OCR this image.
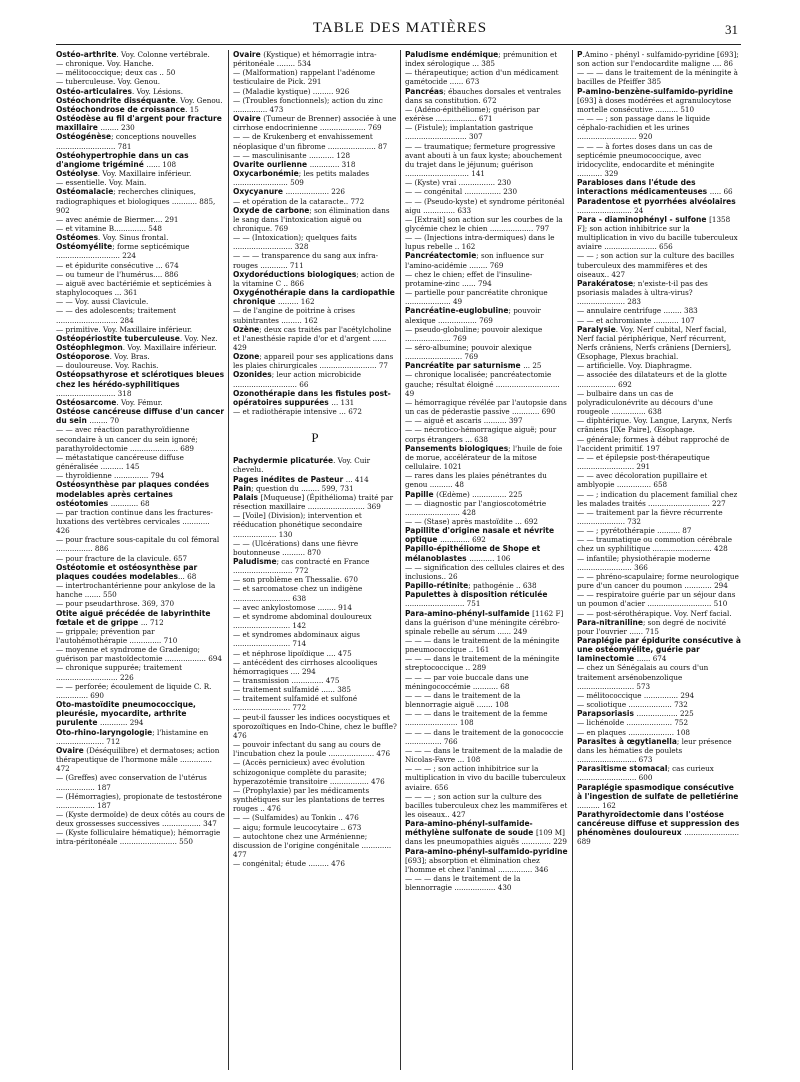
TABLE DES MATIÈRES	31

Ostéo-arthrite. Voy. Colonne vertébrale.

— chronique. Voy. Hanche.

— mélitococcique; deux cas .. 50

— tuberculeuse. Voy. Genou.

Ostéo-articulaires. Voy. Lésions.

Ostéochondrite disséquante. Voy. Genou.

Ostéochondrose de croissance. 15

Ostéodèse au fil d'argent pour fracture maxillaire ........ 230

Ostéogénèse; conceptions nouvelles .......................... 781

Ostéohypertrophie dans un cas d'angiome trigéminé ...... 108

Ostéolyse. Voy. Maxillaire inférieur.

— essentielle. Voy. Main.

Ostéomalacie; recherches cliniques, radiographiques et biologiques ........... 885, 902

— avec anémie de Biermer.... 291

— et vitamine B.............. 548

Ostéomes. Voy. Sinus frontal.

Ostéomyélite; forme septicémique ............................ 224

— et épidurite consécutive ... 674

— ou tumeur de l'humérus.... 886

— aiguë avec bactériémie et septicémies à staphylocoques ... 361

— — Voy. aussi Clavicule.

— — des adolescents; traitement ........................... 284

— primitive. Voy. Maxillaire inférieur.

Ostéopériostite tuberculeuse. Voy. Nez.

Ostéophlegmon. Voy. Maxillaire inférieur.

Ostéoporose. Voy. Bras.

— douloureuse. Voy. Rachis.

Ostéopsathyrose et sclérotiques bleues chez les hérédo-syphilitiques .......................... 318

Ostéosarcome. Voy. Fémur.

Ostéose cancéreuse diffuse d'un cancer du sein ........ 70

— — avec réaction parathyroïdienne secondaire à un cancer du sein ignoré; parathyroïdectomie ..................... 689

— métastatique cancéreuse diffuse généralisée .......... 145

— thyroïdienne ............... 794

Ostéosynthèse par plaques condées modelables après certaines ostéotomies ............ 68

— par traction continue dans les fractures-luxations des vertèbres cervicales ............ 426

— pour fracture sous-capitale du col fémoral ................ 886

— pour fracture de la clavicule. 657

Ostéotomie et ostéosynthèse par plaques coudées modelables... 68

— intertrochantérienne pour ankylose de la hanche ....... 550

— pour pseudarthrose. 369, 370

Otite aiguë précédée de labyrinthite fœtale et de grippe ... 712

— grippale; prévention par l'autohémothérapie .............. 710

— moyenne et syndrome de Gradenigo; guérison par mastoïdectomie .................. 694

— chronique suppurée; traitement ........................... 226

— — perforée; écoulement de liquide C. R. .............. 690

Oto-mastoïdite pneumococcique, pleurésie, myocardite, arthrite purulente ............ 294

Oto-rhino-laryngologie; l'histamine en ..................... 712

Ovaire (Déséquilibre) et dermatoses; action thérapeutique de l'hormone mâle .............. 472

— (Greffes) avec conservation de l'utérus ................. 187

— (Hémorragies), propionate de testostérone ................. 187

— (Kyste dermoïde) de deux côtés au cours de deux grossesses successives ................. 347

— (Kyste folliculaire hématique); hémorragie intra-péritonéale ......................... 550

Ovaire (Kystique) et hémorragie intra-péritonéale ........ 534

— (Malformation) rappelant l'adénome testiculaire de Pick. 291

— (Maladie kystique) ......... 926

— (Troubles fonctionnels); action du zinc ............... 473

Ovaire (Tumeur de Brenner) associée à une cirrhose endocrinienne .................... 769

— — de Krukenberg et envahissement néoplasique d'un fibrome ..................... 87

— — masculinisante ........... 128

Ovarite ourlienne ............. 318

Oxycarbonémie; les petits malades ........................ 509

Oxycyanure ................... 226

— et opération de la cataracte.. 772

Oxyde de carbone; son élimination dans le sang dans l'intoxication aiguë ou chronique. 769

— — (Intoxication); quelques faits .......................... 328

— — — transparence du sang aux infra-rouges ............ 711

Oxydoréductions biologiques; action de la vitamine C .. 866

Oxygénothérapie dans la cardiopathie chronique ......... 162

— de l'angine de poitrine à crises subintrantes ......... 162

Ozène; deux cas traités par l'acétylcholine et l'anesthésie rapide d'or et d'argent ...... 429

Ozone; appareil pour ses applications dans les plaies chirurgicales ......................... 77

Ozonides; leur action microbicide ............................ 66

Ozonothérapie dans les fistules post-opératoires suppurées ... 131

— et radiothérapie intensive ... 672

P

Pachydermie plicaturée. Voy. Cuir chevelu.

Pages inédites de Pasteur ... 414

Pain; question du ........ 599, 731

Palais [Muqueuse] (Épithélioma) traité par résection maxillaire ......................... 369

— [Voile] (Division); intervention et rééducation phonétique secondaire ................... 130

— — (Ulcérations) dans une fièvre boutonneuse .......... 870

Paludisme; cas contracté en France .......................... 772

— son problème en Thessalie. 670

— et sarcomatose chez un indigène ......................... 638

— avec ankylostomose ........ 914

— et syndrome abdominal douloureux ......................... 142

— et syndromes abdominaux aigus ......................... 714

— et néphrose lipoïdique .... 475

— antécédent des cirrhoses alcooliques hémorragiques .... 294

— transmission .............. 475

— traitement sulfamidé ...... 385

— traitement sulfamidé et sulfoné ......................... 772

— peut-il fausser les indices oocystiques et sporozoïtiques en Indo-Chine, chez le buffle? 476

— pouvoir infectant du sang au cours de l'incubation chez la poule .................... 476

— (Accès pernicieux) avec évolution schizogonique complète du parasite; hyperazotémie transitoire ................. 476

— (Prophylaxie) par les médicaments synthétiques sur les plantations de terres rouges .. 476

— — (Sulfamides) au Tonkin .. 476

— aigu; formule leucocytaire .. 673

— autochtone chez une Arménienne; discussion de l'origine congénitale ............. 477

— congénital; étude ......... 476

Paludisme endémique; prémunition et index sérologique ... 385

— thérapeutique; action d'un médicament gamétocide ...... 673

Pancréas; ébauches dorsales et ventrales dans sa constitution. 672

— (Adéno-épithéliome); guérison par exérèse .................. 671

— (Fistule); implantation gastrique ........................... 307

— — traumatique; fermeture progressive avant abouti à un faux kyste; abouchement du trajet dans le jéjunum; guérison ............................ 141

— (Kyste) vrai ................ 230

— — congénital ................ 230

— — (Pseudo-kyste) et syndrome péritonéal aigu .............. 633

— [Extrait] son action sur les courbes de la glycémie chez le chien ................... 797

— — (Injections intra-dermiques) dans le lupus rebelle .. 162

Pancréatectomie; son influence sur l'amino-acidémie ........ 769

— chez le chien; effet de l'insuline-protamine-zinc ...... 794

— partielle pour pancréatite chronique .................... 49

Pancréatine-euglobuline; pouvoir alexique ................. 769

— pseudo-globuline; pouvoir alexique .................... 769

— séro-albumine; pouvoir alexique ......................... 769

Pancréatite par saturnisme ... 25

— chronique localisée; pancréatectomie gauche; résultat éloigné ............................ 49

— hémorragique révélée par l'autopsie dans un cas de péderastie passive ............ 690

— — aiguë et ascaris .......... 397

— — nécrotico-hémorragique aiguë; pour corps étrangers ... 638

Pansements biologiques; l'huile de foie de morue, accélérateur de la mitose cellulaire. 1021

— rares dans les plaies pénétrantes du genou .......... 48

Papille (Œdème) ............... 225

— — diagnostic par l'angioscotométrie ........................ 428

— — (Stase) après mastoïdite ... 692

Papillite d'origine nasale et névrite optique ............. 692

Papillo-épithéliome de Shope et mélanoblastes ........... 106

— — signification des cellules claires et des inclusions.. 26

Papillo-rétinite; pathogénie .. 638

Papulettes à disposition réticulée .......................... 751

Para-amino-phényl-sulfamide [1162 F] dans la guérison d'une méningite cérébro-spinale rebelle au sérum ...... 249

— — — dans le traitement de la méningite pneumococcique .. 161

— — — dans le traitement de la méningite streptococcique .. 289

— — — par voie buccale dans une méningococcémie ........... 68

— — — dans le traitement de la blennorragie aiguë ....... 108

— — — dans le traitement de la femme ....................... 108

— — — dans le traitement de la gonococcie ................ 766

— — — dans le traitement de la maladie de Nicolas-Favre ... 108

— — — ; son action inhibitrice sur la multiplication in vivo du bacille tuberculeux aviaire. 656

— — — ; son action sur la culture des bacilles tuberculeux chez les mammifères et les oiseaux.. 427

Para-amino-phényl-sulfamide-méthylène sulfonate de soude [109 M] dans les pneumopathies aiguës ............. 229

Para-amino-phényl-sulfamido-pyridine [693]; absorption et élimination chez l'homme et chez l'animal ............... 346

— — — dans le traitement de la blennorragie .................. 430

P.Amino - phényl - sulfamido-pyridine [693]; son action sur l'endocardite maligne .... 86

— — — dans le traitement de la méningite à bacilles de Pfeiffer 385

P-amino-benzène-sulfamido-pyridine [693] à doses modérées et agranulocytose mortelle consécutive .......... 510

— — — ; son passage dans le liquide céphalo-rachidien et les urines .......................... 920

— — — à fortes doses dans un cas de septicémie pneumococcique, avec iridocyclite, endocardite et méningite ........... 329

Parabioses dans l'étude des interactions médicamenteuses ..... 66

Paradentose et pyorrhées alvéolaires ........................ 24

Para - diaminophényl - sulfone [1358 F]; son action inhibitrice sur la multiplication in vivo du bacille tuberculeux aviaire ....................... 656

— — ; son action sur la culture des bacilles tuberculeux des mammifères et des oiseaux.. 427

Parakératose; n'existe-t-il pas des psoriasis malades à ultra-virus? ..................... 283

— annulaire centrifuge ........ 383

— — et achromiante ........... 107

Paralysie. Voy. Nerf cubital, Nerf facial, Nerf facial périphérique, Nerf récurrent, Nerfs crâniens, Nerfs crâniens [Derniers], Œsophage, Plexus brachial.

— artificielle. Voy. Diaphragme.

— associée des dilatateurs et de la glotte ................. 692

— bulbaire dans un cas de polyradiculonévrite au décours d'une rougeole ............... 638

— diphtérique. Voy. Langue, Larynx, Nerfs crâniens [IXe Paire], Œsophage.

— générale; formes à début rapproché de l'accident primitif. 197

— — et épilepsie post-thérapeutique ......................... 291

— — avec décoloration pupillaire et amblyopie ............... 658

— — ; indication du placement familial chez les malades traités ........................... 227

— — traitement par la fièvre récurrente ..................... 732

— — ; pyrétothérapie .......... 87

— — traumatique ou commotion cérébrale chez un syphilitique .......................... 428

— infantile; physiothérapie moderne ........................ 366

— — phréno-scapulaire; forme neurologique pure d'un cancer du poumon ............ 294

— — respiratoire guérie par un séjour dans un poumon d'acier ............................ 510

— — post-sérothérapique. Voy. Nerf facial.

Para-nitraniline; son degré de nocivité pour l'ouvrier ...... 715

Paraplégie par épidurite consécutive à une ostéomyélite, guérie par laminectomie ...... 674

— chez un Sénégalais au cours d'un traitement arsénobenzolique ......................... 573

— mélitococcique ............... 294

— scoliotique ................... 732

Parapsoriasis .................. 225

— lichénoïde .................... 752

— en plaques .................... 108

Parasites à œgytianella; leur présence dans les hématies de poulets .......................... 673

Parasitisme stomacal; cas curieux .......................... 600

Paraplégie spasmodique consécutive à l'ingestion de sulfate de pelletiérine .......... 162

Parathyroïdectomie dans l'ostéose cancéreuse diffuse et suppression des phénomènes douloureux ........................ 689
